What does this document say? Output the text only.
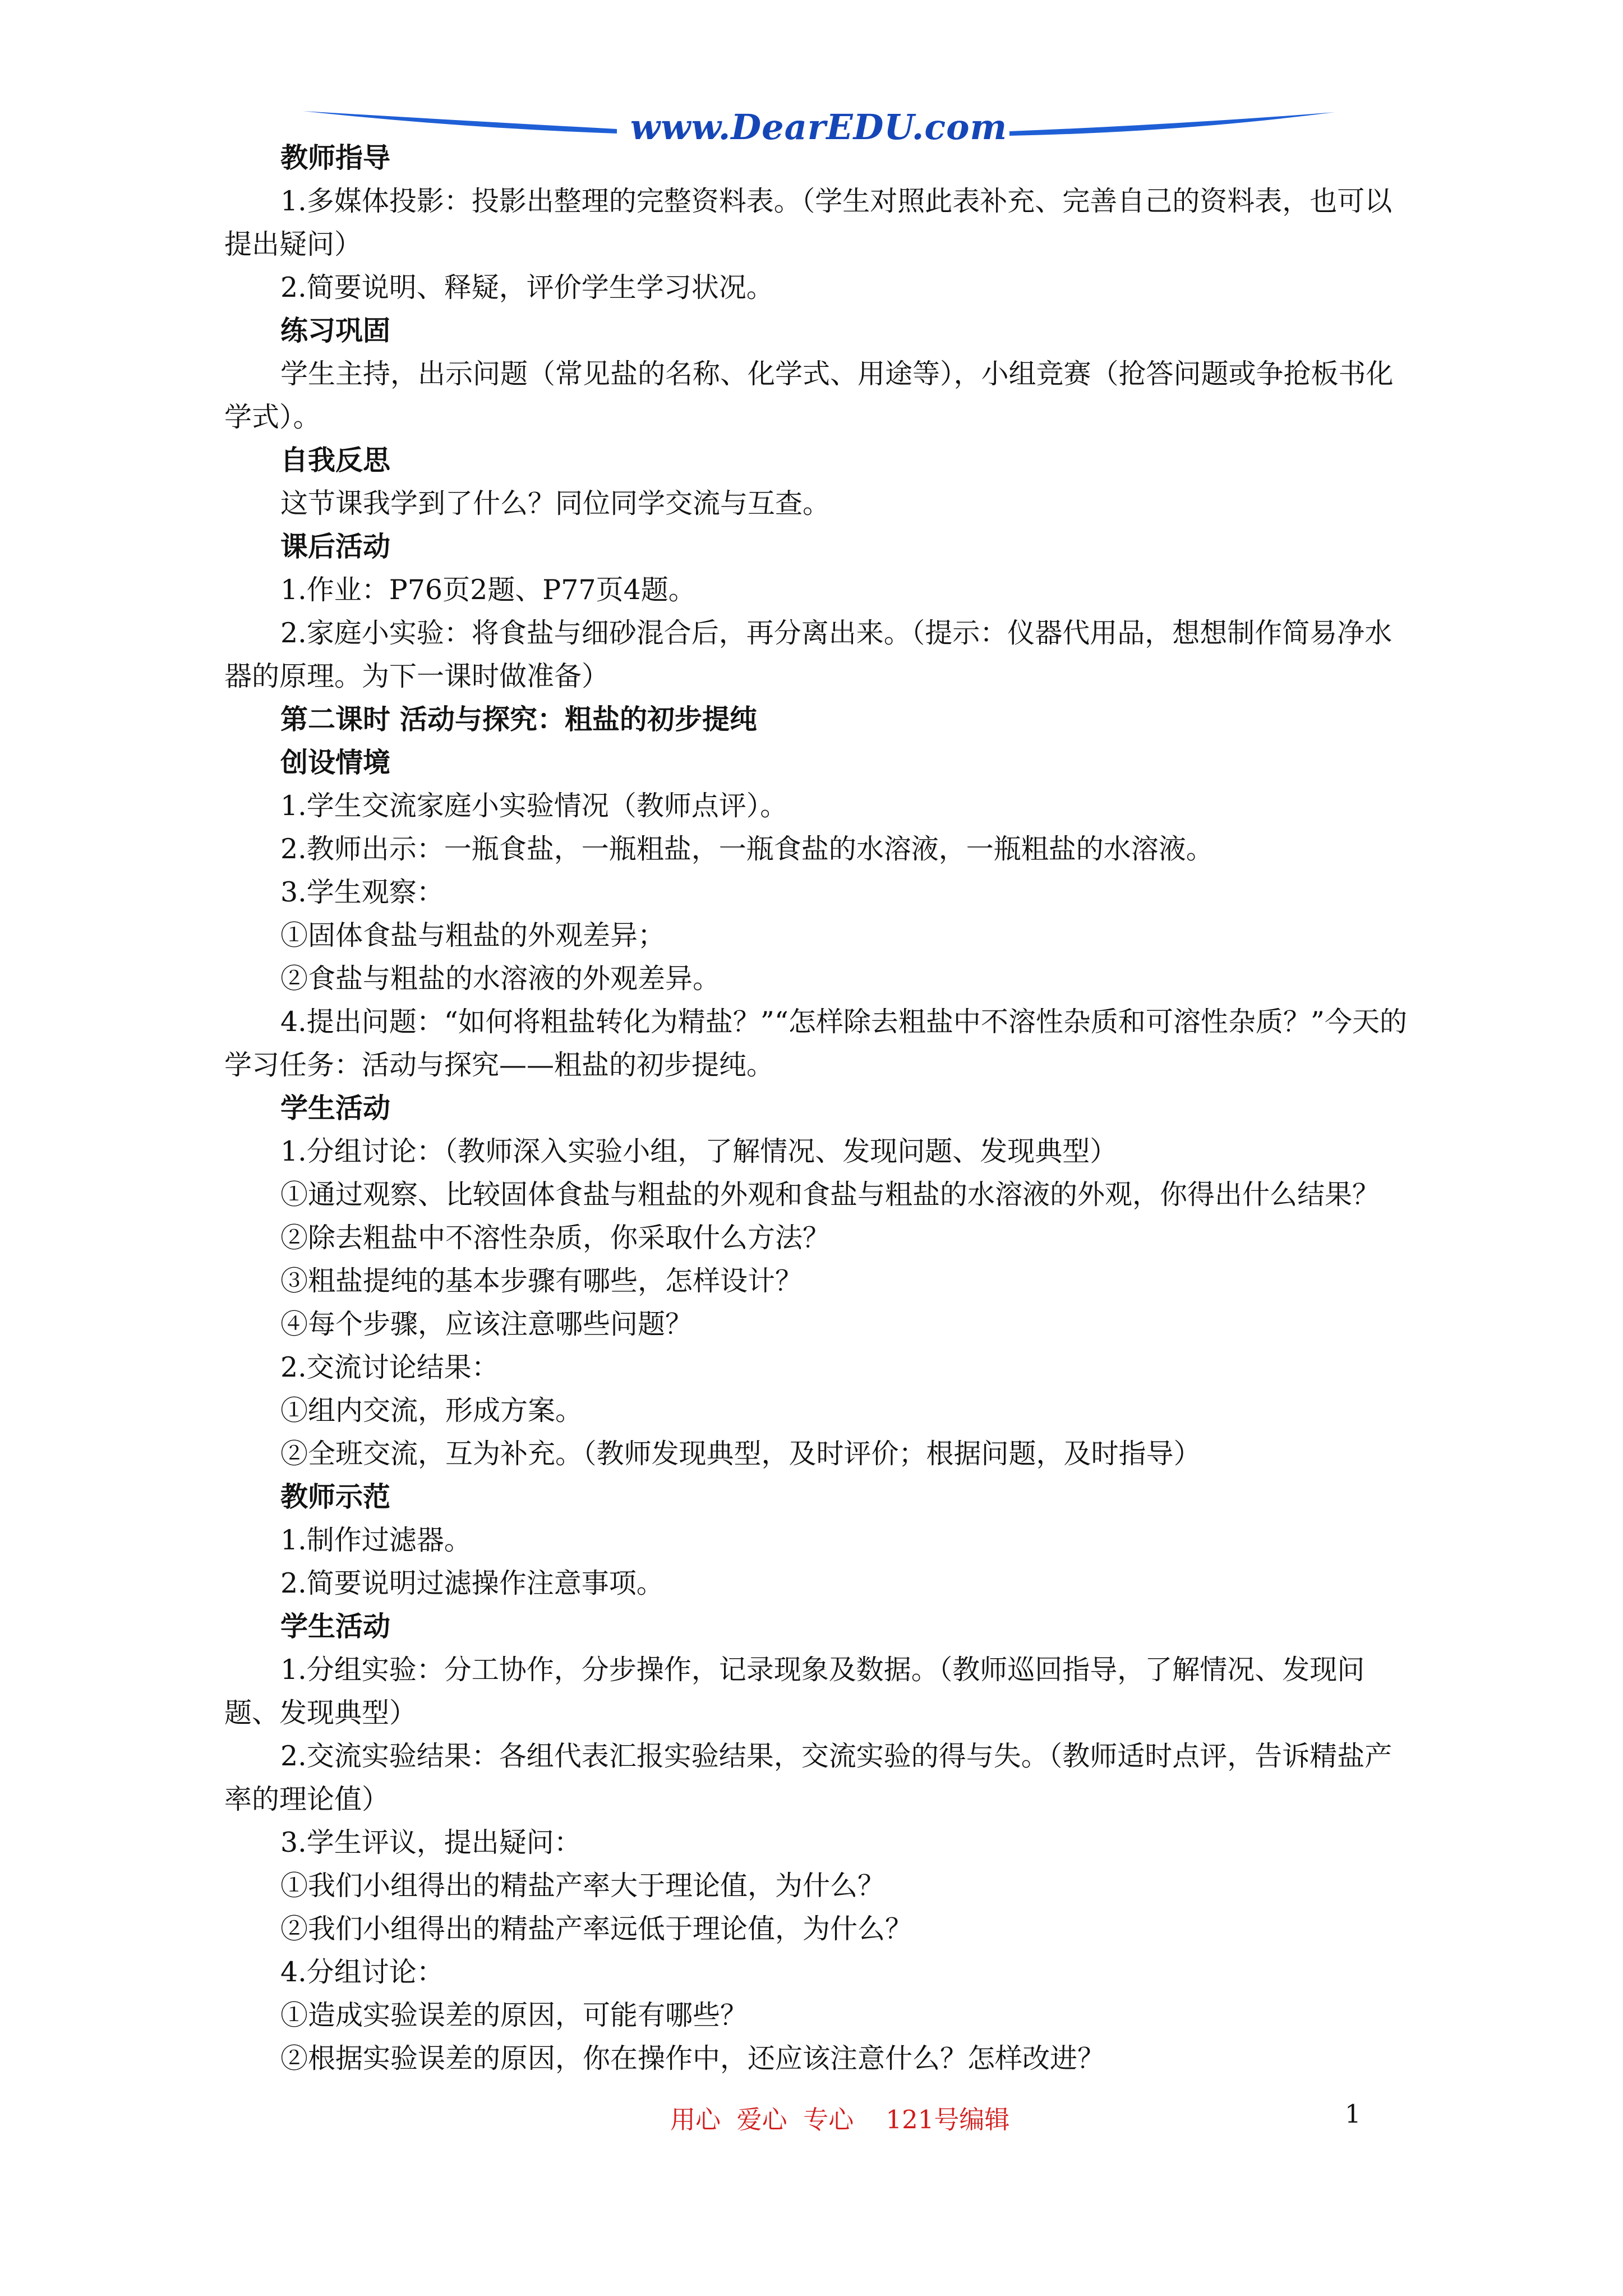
www.DearEDU.com

教师指导

1.多媒体投影：投影出整理的完整资料表。（学生对照此表补充、完善自己的资料表，也可以提出疑问）

2.简要说明、释疑，评价学生学习状况。

练习巩固

学生主持，出示问题（常见盐的名称、化学式、用途等），小组竞赛（抢答问题或争抢板书化学式）。

自我反思

这节课我学到了什么？同位同学交流与互查。

课后活动

1.作业：P76页2题、P77页4题。

2.家庭小实验：将食盐与细砂混合后，再分离出来。（提示：仪器代用品，想想制作简易净水器的原理。为下一课时做准备）

第二课时 活动与探究：粗盐的初步提纯

创设情境

1.学生交流家庭小实验情况（教师点评）。

2.教师出示：一瓶食盐，一瓶粗盐，一瓶食盐的水溶液，一瓶粗盐的水溶液。

3.学生观察：

①固体食盐与粗盐的外观差异；

②食盐与粗盐的水溶液的外观差异。

4.提出问题：“如何将粗盐转化为精盐？”“怎样除去粗盐中不溶性杂质和可溶性杂质？”今天的学习任务：活动与探究——粗盐的初步提纯。

学生活动

1.分组讨论：（教师深入实验小组，了解情况、发现问题、发现典型）

①通过观察、比较固体食盐与粗盐的外观和食盐与粗盐的水溶液的外观，你得出什么结果？

②除去粗盐中不溶性杂质，你采取什么方法？

③粗盐提纯的基本步骤有哪些，怎样设计？

④每个步骤，应该注意哪些问题？

2.交流讨论结果：

①组内交流，形成方案。

②全班交流，互为补充。（教师发现典型，及时评价；根据问题，及时指导）

教师示范

1.制作过滤器。

2.简要说明过滤操作注意事项。

学生活动

1.分组实验：分工协作，分步操作，记录现象及数据。（教师巡回指导，了解情况、发现问题、发现典型）

2.交流实验结果：各组代表汇报实验结果，交流实验的得与失。（教师适时点评，告诉精盐产率的理论值）

3.学生评议，提出疑问：

①我们小组得出的精盐产率大于理论值，为什么？

②我们小组得出的精盐产率远低于理论值，为什么？

4.分组讨论：

①造成实验误差的原因，可能有哪些？

②根据实验误差的原因，你在操作中，还应该注意什么？怎样改进？

用心  爱心  专心    121号编辑	1
